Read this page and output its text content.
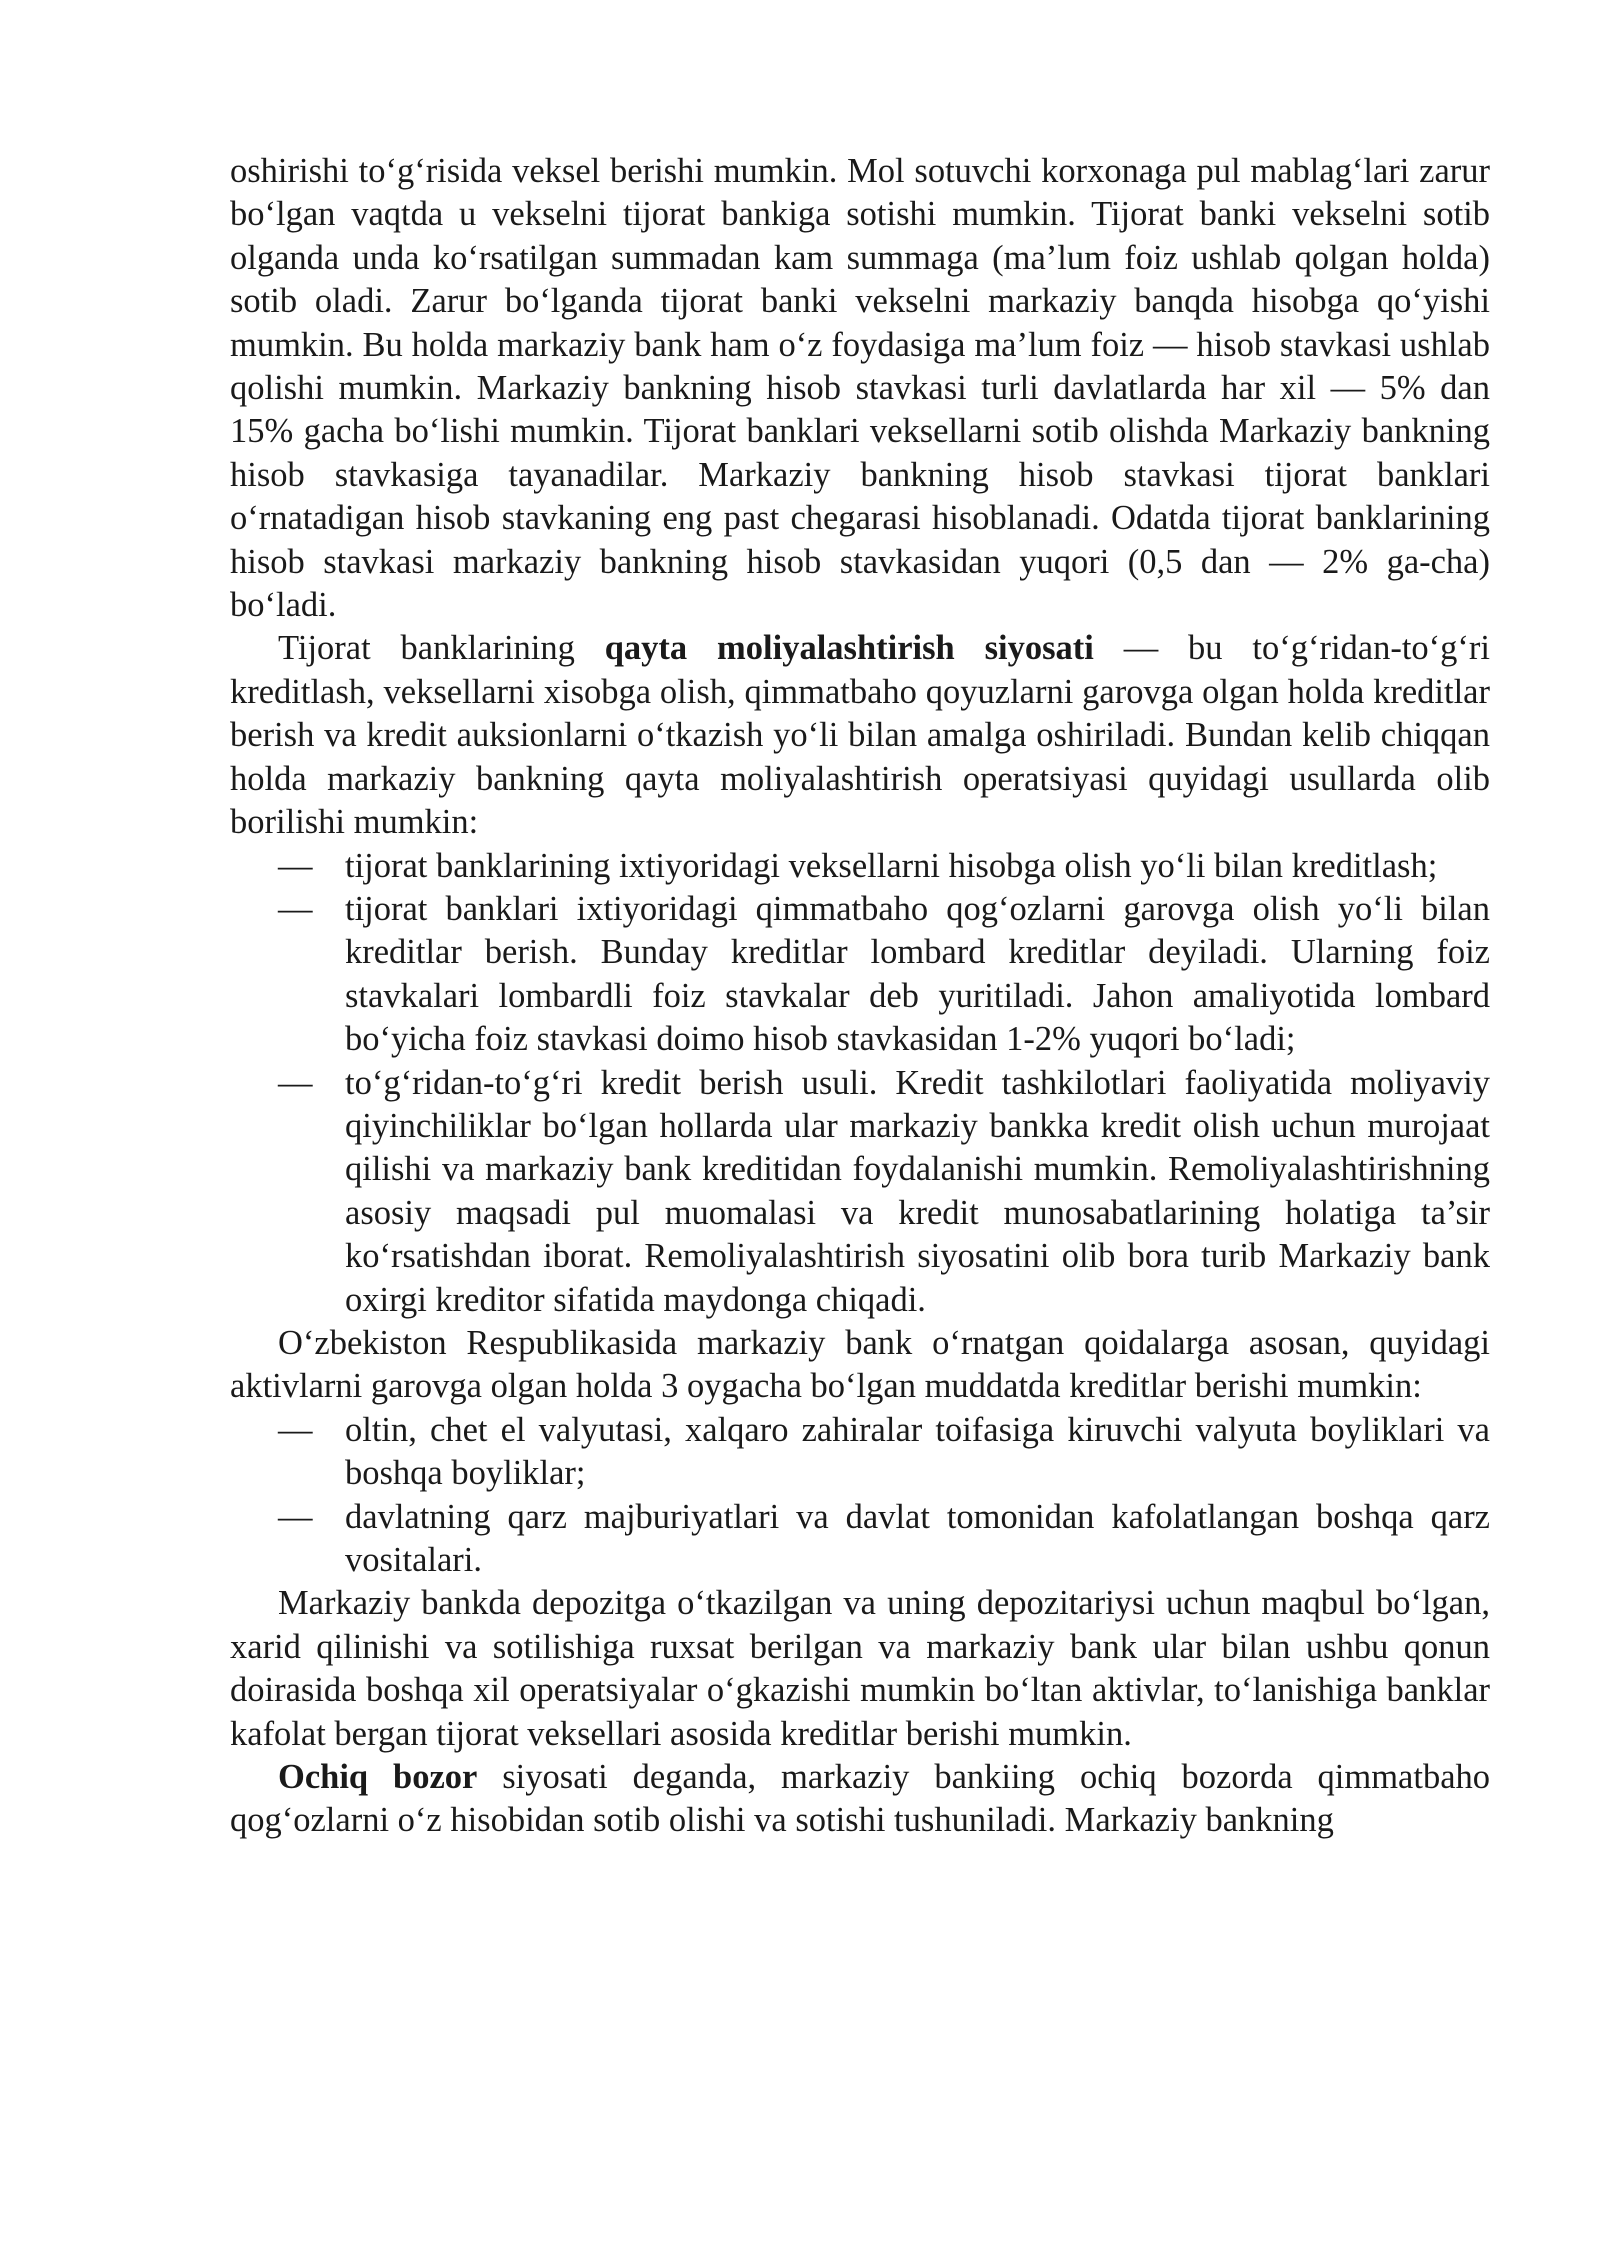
oshirishi to‘g‘risida veksel berishi mumkin. Mol sotuvchi korxonaga pul mablag‘lari zarur bo‘lgan vaqtda u vekselni tijorat bankiga sotishi mumkin. Tijorat banki vekselni sotib olganda unda ko‘rsatilgan summadan kam summaga (ma’lum foiz ushlab qolgan holda) sotib oladi. Zarur bo‘lganda tijorat banki vekselni markaziy banqda hisobga qo‘yishi mumkin. Bu holda markaziy bank ham o‘z foydasiga ma’lum foiz — hisob stavkasi ushlab qolishi mumkin. Markaziy bankning hisob stavkasi turli davlatlarda har xil — 5% dan 15% gacha bo‘lishi mumkin. Tijorat banklari veksellarni sotib olishda Markaziy bankning hisob stavkasiga tayanadilar. Markaziy bankning hisob stavkasi tijorat banklari o‘rnatadigan hisob stavkaning eng past chegarasi hisoblanadi. Odatda tijorat banklarining hisob stavkasi markaziy bankning hisob stavkasidan yuqori (0,5 dan — 2% ga-cha) bo‘ladi.

Tijorat banklarining qayta moliyalashtirish siyosati — bu to‘g‘ridan-to‘g‘ri kreditlash, veksellarni xisobga olish, qimmatbaho qoyuzlarni garovga olgan holda kreditlar berish va kredit auksionlarni o‘tkazish yo‘li bilan amalga oshiriladi. Bundan kelib chiqqan holda markaziy bankning qayta moliyalashtirish operatsiyasi quyidagi usullarda olib borilishi mumkin:

— tijorat banklarining ixtiyoridagi veksellarni hisobga olish yo‘li bilan kreditlash;
— tijorat banklari ixtiyoridagi qimmatbaho qog‘ozlarni garovga olish yo‘li bilan kreditlar berish. Bunday kreditlar lombard kreditlar deyiladi. Ularning foiz stavkalari lombardli foiz stavkalar deb yuritiladi. Jahon amaliyotida lombard bo‘yicha foiz stavkasi doimo hisob stavkasidan 1-2% yuqori bo‘ladi;
— to‘g‘ridan-to‘g‘ri kredit berish usuli. Kredit tashkilotlari faoliyatida moliyaviy qiyinchiliklar bo‘lgan hollarda ular markaziy bankka kredit olish uchun murojaat qilishi va markaziy bank kreditidan foydalanishi mumkin. Remoliyalashtirishning asosiy maqsadi pul muomalasi va kredit munosabatlarining holatiga ta’sir ko‘rsatishdan iborat. Remoliyalashtirish siyosatini olib bora turib Markaziy bank oxirgi kreditor sifatida maydonga chiqadi.

O‘zbekiston Respublikasida markaziy bank o‘rnatgan qoidalarga asosan, quyidagi aktivlarni garovga olgan holda 3 oygacha bo‘lgan muddatda kreditlar berishi mumkin:

— oltin, chet el valyutasi, xalqaro zahiralar toifasiga kiruvchi valyuta boyliklari va boshqa boyliklar;
— davlatning qarz majburiyatlari va davlat tomonidan kafolatlangan boshqa qarz vositalari.

Markaziy bankda depozitga o‘tkazilgan va uning depozitariysi uchun maqbul bo‘lgan, xarid qilinishi va sotilishiga ruxsat berilgan va markaziy bank ular bilan ushbu qonun doirasida boshqa xil operatsiyalar o‘gkazishi mumkin bo‘ltan aktivlar, to‘lanishiga banklar kafolat bergan tijorat veksellari asosida kreditlar berishi mumkin.

Ochiq bozor siyosati deganda, markaziy bankiing ochiq bozorda qimmatbaho qog‘ozlarni o‘z hisobidan sotib olishi va sotishi tushuniladi. Markaziy bankning
